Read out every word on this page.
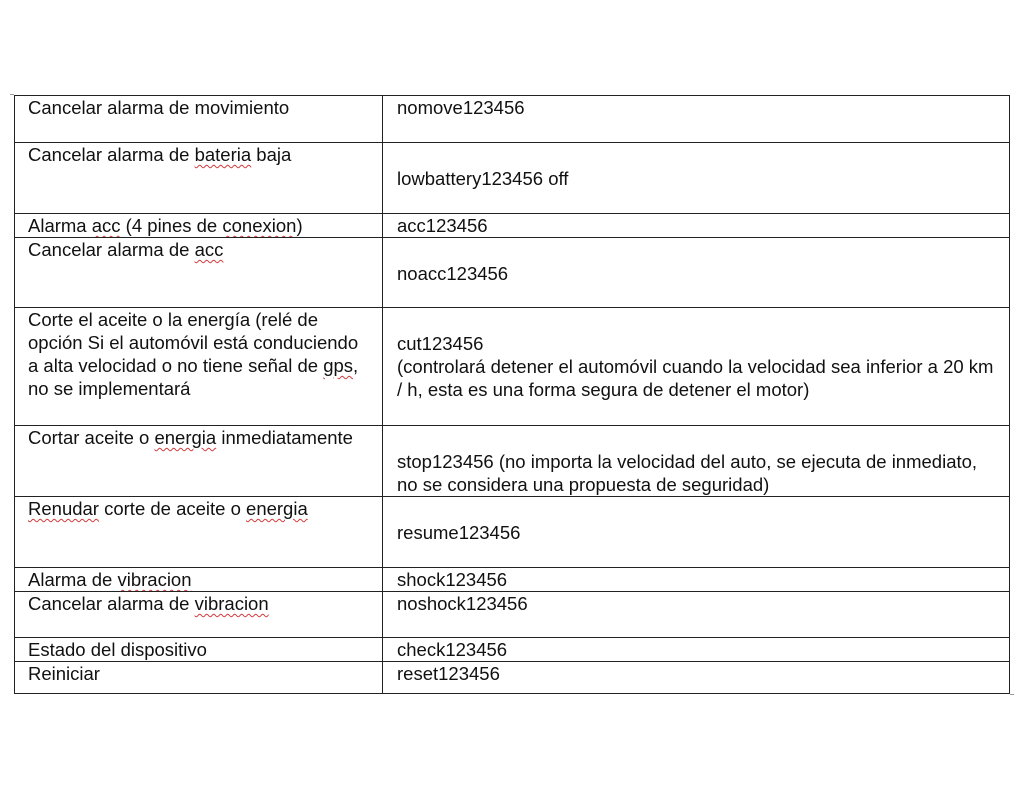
Cancelar alarma de movimiento	nomove123456
Cancelar alarma de bateria baja	lowbattery123456 off

Alarma acc (4 pines de conexion)	acc123456
Cancelar alarma de acc	noacc123456

Corte el aceite o la energía (relé de opción Si el automóvil está conduciendo a alta velocidad o no tiene señal de gps, no se implementará	cut123456
(controlará detener el automóvil cuando la velocidad sea inferior a 20 km / h, esta es una forma segura de detener el motor)

Cortar aceite o energia inmediatamente	stop123456 (no importa la velocidad del auto, se ejecuta de inmediato, no se considera una propuesta de seguridad)

Renudar corte de aceite o energia	resume123456

Alarma de vibracion	shock123456
Cancelar alarma de vibracion	noshock123456
Estado del dispositivo	check123456
Reiniciar	reset123456
